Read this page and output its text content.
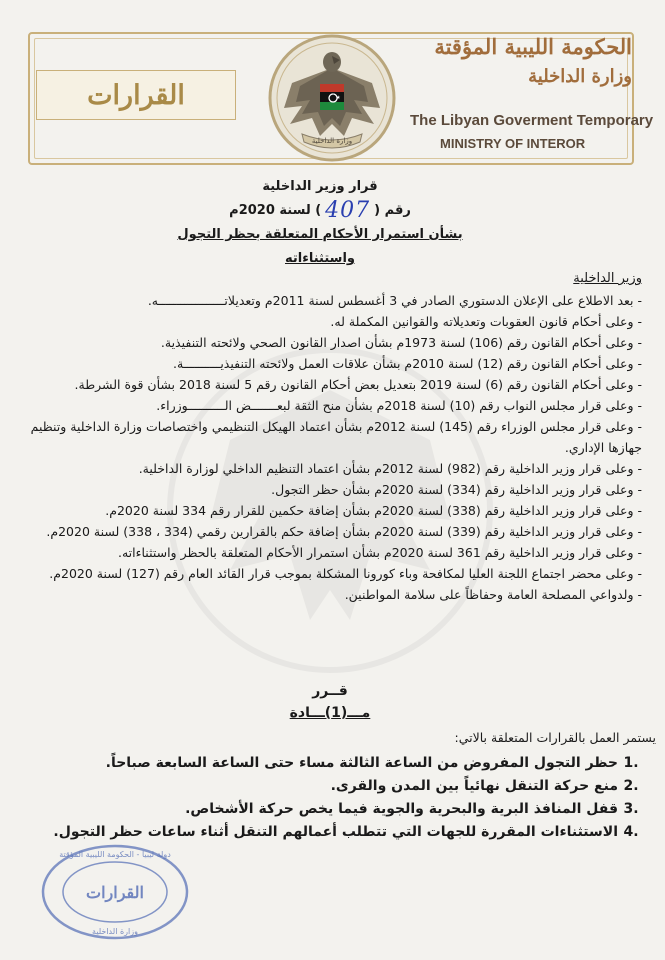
القرارات	★
وزارة الداخلية
الحكومة الليبية المؤقتة
وزارة الداخلية
The Libyan Goverment Temporary
MINISTRY OF INTEROR
قرار وزير الداخلية
رقم (
407
) لسنة 2020م
بشأن استمرار الأحكام المتعلقة بحظر التجول واستثناءاته

وزير الداخلية

- بعد الاطلاع على الإعلان الدستوري الصادر في 3 أغسطس لسنة 2011م وتعديلاتــــــــــــــــــه.

- وعلى أحكام قانون العقوبات وتعديلاته والقوانين المكملة له.

- وعلى أحكام القانون رقم (106) لسنة 1973م بشأن اصدار القانون الصحي ولائحته التنفيذية.

- وعلى أحكام القانون رقم (12) لسنة 2010م بشأن علاقات العمل ولائحته التنفيذيــــــــــة.

- وعلى أحكام القانون رقم (6) لسنة 2019 بتعديل بعض أحكام القانون رقم 5 لسنة 2018 بشأن قوة الشرطة.

- وعلى قرار مجلس النواب رقم (10) لسنة 2018م بشأن منح الثقة لبعـــــــض الــــــــــوزراء.

- وعلى قرار مجلس الوزراء رقم (145) لسنة 2012م بشأن اعتماد الهيكل التنظيمي واختصاصات وزارة الداخلية وتنظيم جهازها الإداري.

- وعلى قرار وزير الداخلية رقم (982) لسنة 2012م بشأن اعتماد التنظيم الداخلي لوزارة الداخلية.

- وعلى قرار وزير الداخلية رقم (334) لسنة 2020م بشأن حظر التجول.

- وعلى قرار وزير الداخلية رقم (338) لسنة 2020م بشأن إضافة حكمين للقرار رقم 334 لسنة 2020م.

- وعلى قرار وزير الداخلية رقم (339) لسنة 2020م بشأن إضافة حكم بالقرارين رقمي (334 ، 338) لسنة 2020م.

- وعلى قرار وزير الداخلية رقم 361 لسنة 2020م بشأن استمرار الأحكام المتعلقة بالحظر واستثناءاته.

- وعلى محضر اجتماع اللجنة العليا لمكافحة وباء كورونا المشكلة بموجب قرار القائد العام رقم (127) لسنة 2020م.

- ولدواعي المصلحة العامة وحفاظاً على سلامة المواطنين.

قــرر
مـــ(1)ـــادة
يستمر العمل بالقرارات المتعلقة بالاتي:
1.
حظر التجول المفروض من الساعة الثالثة مساء حتى الساعة السابعة صباحاً.
2.
منع حركة التنقل نهائياً بين المدن والقرى.
3.
قفل المنافذ البرية والبحرية والجوية فيما يخص حركة الأشخاص.
4.
الاستثناءات المقررة للجهات التي تتطلب أعمالهم التنقل أثناء ساعات حظر التجول.
دولة ليبيا - الحكومة الليبية المؤقتة
القرارات
وزارة الداخلية
